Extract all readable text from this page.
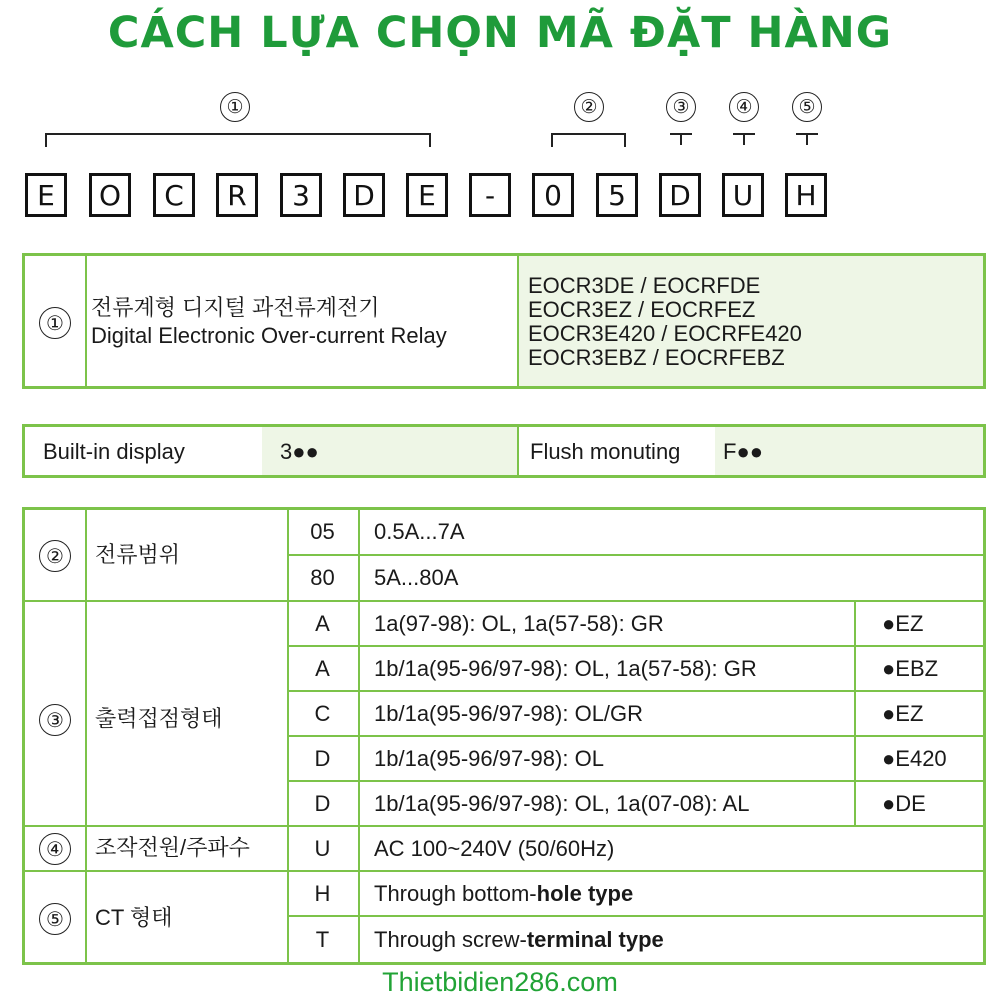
CÁCH LỰA CHỌN MÃ ĐẶT HÀNG
①	②	③	④	⑤
E	O	C	R	3	D	E	-	0	5	D	U	H
①
전류계형 디지털 과전류계전기
Digital Electronic Over-current Relay
EOCR3DE / EOCRFDE
EOCR3EZ / EOCRFEZ
EOCR3E420 / EOCRFE420
EOCR3EBZ / EOCRFEBZ
Built-in display	3●●	Flush monuting F●●
②	전류범위
05	0.5A...7A
80	5A...80A
③	출력접점형태
A	1a(97-98): OL, 1a(57-58): GR	●EZ
A	1b/1a(95-96/97-98): OL, 1a(57-58): GR	●EBZ
C	1b/1a(95-96/97-98): OL/GR	●EZ
D	1b/1a(95-96/97-98): OL	●E420
D	1b/1a(95-96/97-98): OL, 1a(07-08): AL	●DE
④	조작전원/주파수	U	AC 100~240V (50/60Hz)
⑤	CT 형태
H	Through bottom-hole type
T	Through screw-terminal type
Thietbidien286.com
